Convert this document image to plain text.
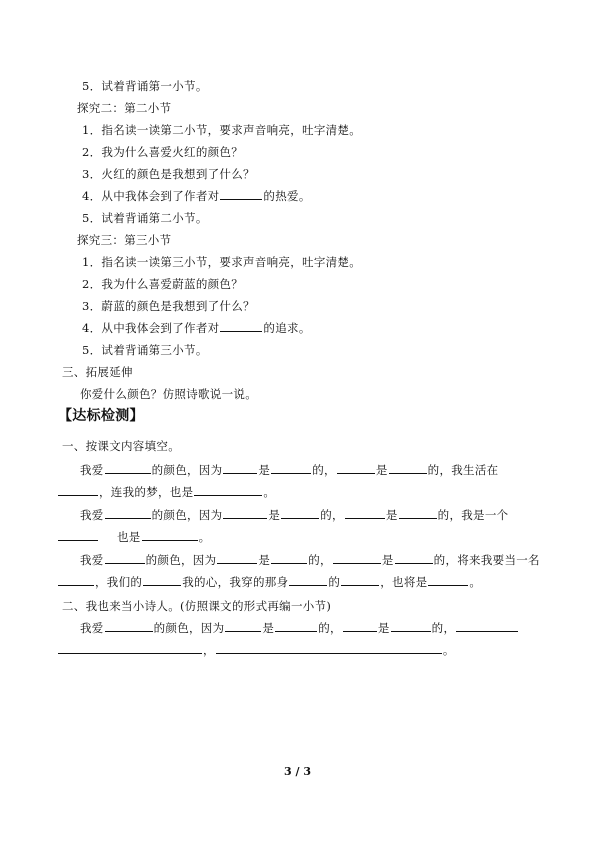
5．试着背诵第一小节。
探究二：第二小节
1．指名读一读第二小节，要求声音响亮，吐字清楚。
2．我为什么喜爱火红的颜色？
3．火红的颜色是我想到了什么？
4．从中我体会到了作者对	的热爱。
5．试着背诵第二小节。
探究三：第三小节
1．指名读一读第三小节，要求声音响亮，吐字清楚。
2．我为什么喜爱蔚蓝的颜色？
3．蔚蓝的颜色是我想到了什么？
4．从中我体会到了作者对	的追求。
5．试着背诵第三小节。
三、拓展延伸
你爱什么颜色？仿照诗歌说一说。
【达标检测】
一、按课文内容填空。
我爱	的颜色，因为	是	的，	是	的，我生活在
，连我的梦，也是	。
我爱	的颜色，因为	是	的，	是	的，我是一个
也是	。
我爱	的颜色，因为	是	的，	是	的，将来我要当一名
，我们的	我的心，我穿的那身	的	，也将是	。
二、我也来当小诗人。(仿照课文的形式再编一小节)
我爱	的颜色，因为	是	的，	是	的，
，	。
3 / 3
